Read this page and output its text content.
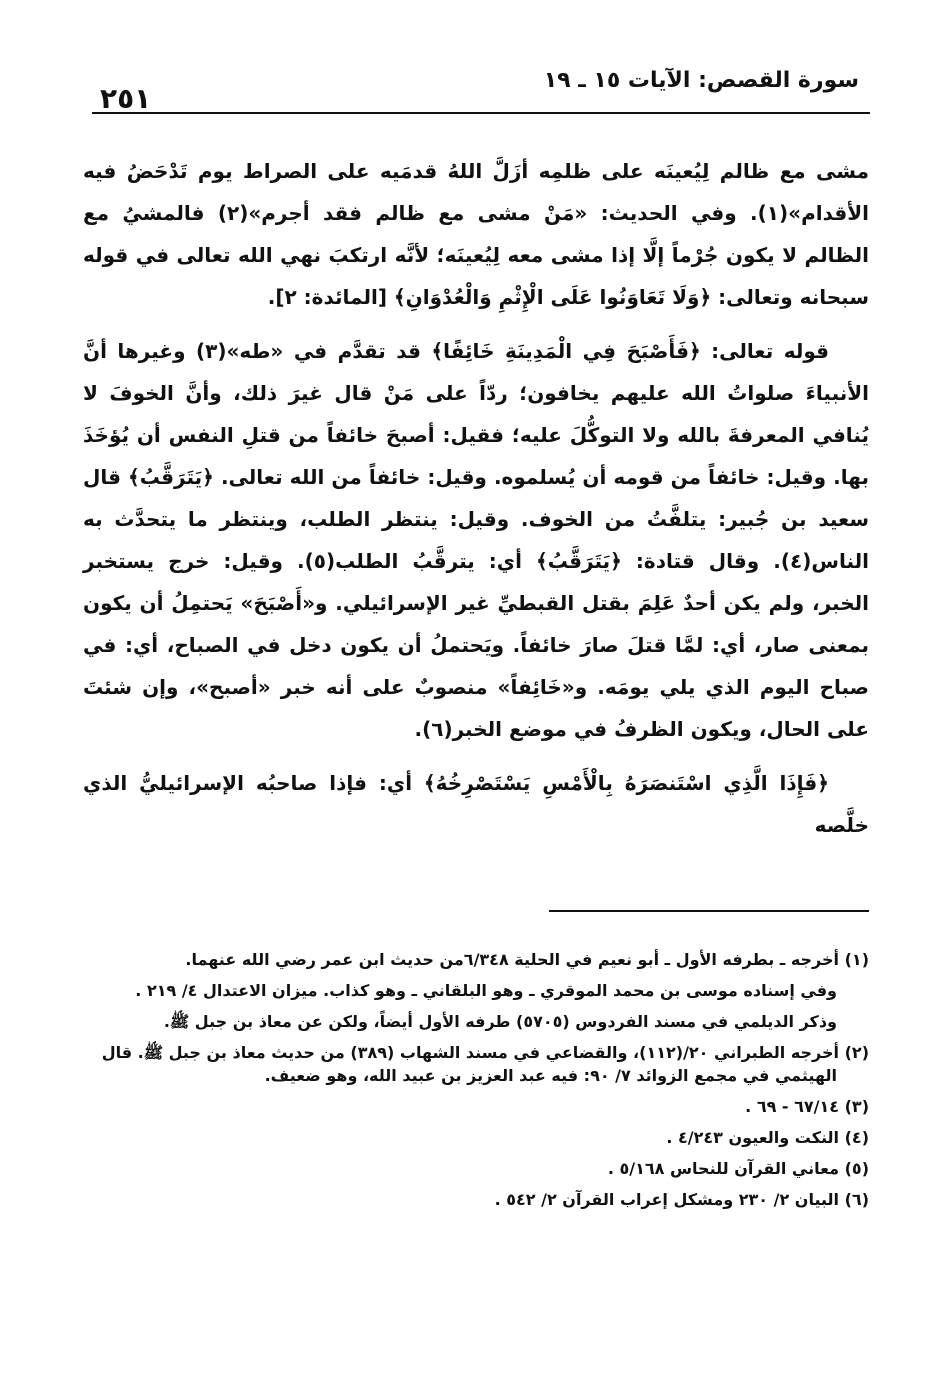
سورة القصص: الآيات ١٥ ـ ١٩
٢٥١

مشى مع ظالم لِيُعينَه على ظلمِه أزَلَّ اللهُ قدمَيه على الصراط يوم تَدْحَضُ فيه الأقدام»(١). وفي الحديث: «مَنْ مشى مع ظالم فقد أجرم»(٢) فالمشيُ مع الظالم لا يكون جُرْماً إلَّا إذا مشى معه لِيُعينَه؛ لأنَّه ارتكبَ نهي الله تعالى في قوله سبحانه وتعالى: ﴿وَلَا تَعَاوَنُوا عَلَى الْإِثْمِ وَالْعُدْوَانِ﴾ [المائدة: ٢].

قوله تعالى: ﴿فَأَصْبَحَ فِي الْمَدِينَةِ خَائِفًا﴾ قد تقدَّم في «طه»(٣) وغيرها أنَّ الأنبياءَ صلواتُ الله عليهم يخافون؛ ردّاً على مَنْ قال غيرَ ذلك، وأنَّ الخوفَ لا يُنافي المعرفةَ بالله ولا التوكُّلَ عليه؛ فقيل: أصبحَ خائفاً من قتلِ النفس أن يُؤخَذَ بها. وقيل: خائفاً من قومه أن يُسلموه. وقيل: خائفاً من الله تعالى. ﴿يَتَرَقَّبُ﴾ قال سعيد بن جُبير: يتلفَّتُ من الخوف. وقيل: ينتظر الطلب، وينتظر ما يتحدَّث به الناس(٤). وقال قتادة: ﴿يَتَرَقَّبُ﴾ أي: يترقَّبُ الطلب(٥). وقيل: خرج يستخبر الخبر، ولم يكن أحدٌ عَلِمَ بقتل القبطيِّ غير الإسرائيلي. و«أَصْبَحَ» يَحتمِلُ أن يكون بمعنى صار، أي: لمَّا قتلَ صارَ خائفاً. ويَحتملُ أن يكون دخل في الصباح، أي: في صباح اليوم الذي يلي يومَه. و«خَائِفاً» منصوبٌ على أنه خبر «أصبح»، وإن شئتَ على الحال، ويكون الظرفُ في موضع الخبر(٦).

﴿فَإِذَا الَّذِي اسْتَنصَرَهُ بِالْأَمْسِ يَسْتَصْرِخُهُ﴾ أي: فإذا صاحبُه الإسرائيليُّ الذي خلَّصه

(١) أخرجه ـ بطرفه الأول ـ أبو نعيم في الحلية ٦/٣٤٨من حديث ابن عمر رضي الله عنهما.
وفي إسناده موسى بن محمد الموقري ـ وهو البلقاني ـ وهو كذاب. ميزان الاعتدال ٤/ ٢١٩ .
وذكر الديلمي في مسند الفردوس (٥٧٠٥) طرفه الأول أيضاً، ولكن عن معاذ بن جبل ﷺ.
(٢) أخرجه الطبراني ٢٠/(١١٢)، والقضاعي في مسند الشهاب (٣٨٩) من حديث معاذ بن جبل ﷺ. قال
الهيثمي في مجمع الزوائد ٧/ ٩٠: فيه عبد العزيز بن عبيد الله، وهو ضعيف.
(٣) ٦٧/١٤ - ٦٩ .
(٤) النكت والعيون ٤/٢٤٣ .
(٥) معاني القرآن للنحاس ٥/١٦٨ .
(٦) البيان ٢/ ٢٣٠ ومشكل إعراب القرآن ٢/ ٥٤٢ .
